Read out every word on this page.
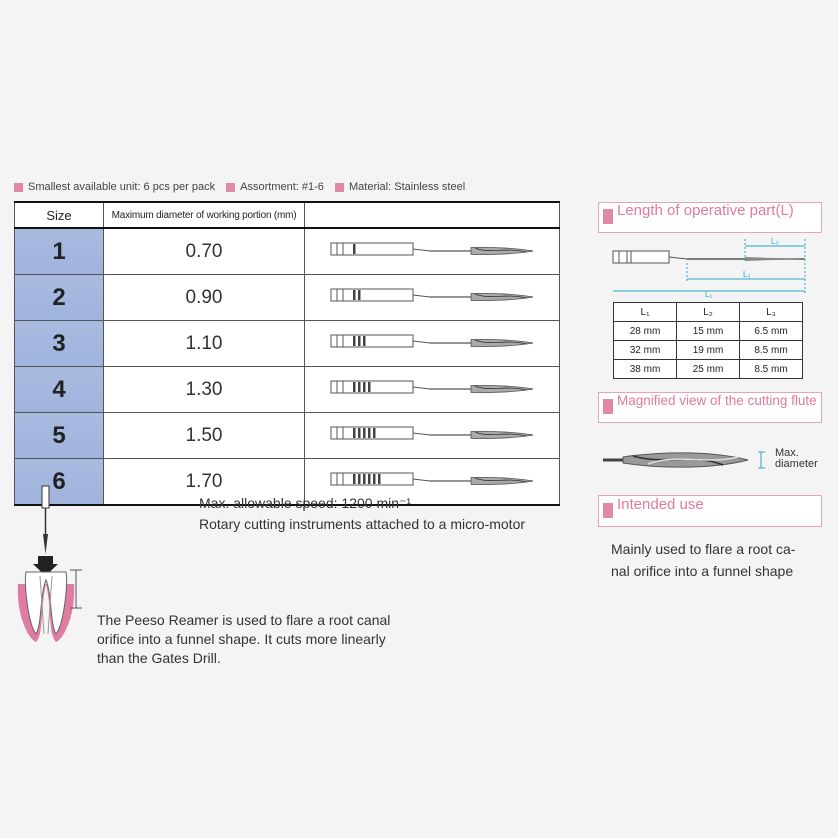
Smallest available unit: 6 pcs per pack Assortment: #1-6 Material: Stainless steel
Size	Maximum diameter of working portion (mm)	
1	0.70	
2	0.90	
3	1.10	
4	1.30	
5	1.50	
6	1.70	
Length of operative part(L)
L₃
L₂
L₁
L₁	L₂	L₃
28 mm	15 mm	6.5 mm
32 mm	19 mm	8.5 mm
38 mm	25 mm	8.5 mm
Magnified view of the cutting flute
Max.
diameter
Intended use
Mainly used to flare a root ca-
nal orifice into a funnel shape
Max. allowable speed: 1200 min⁻¹
Rotary cutting instruments attached to a micro-motor
The Peeso Reamer is used to flare a root canal
orifice into a funnel shape. It cuts more linearly
than the Gates Drill.
